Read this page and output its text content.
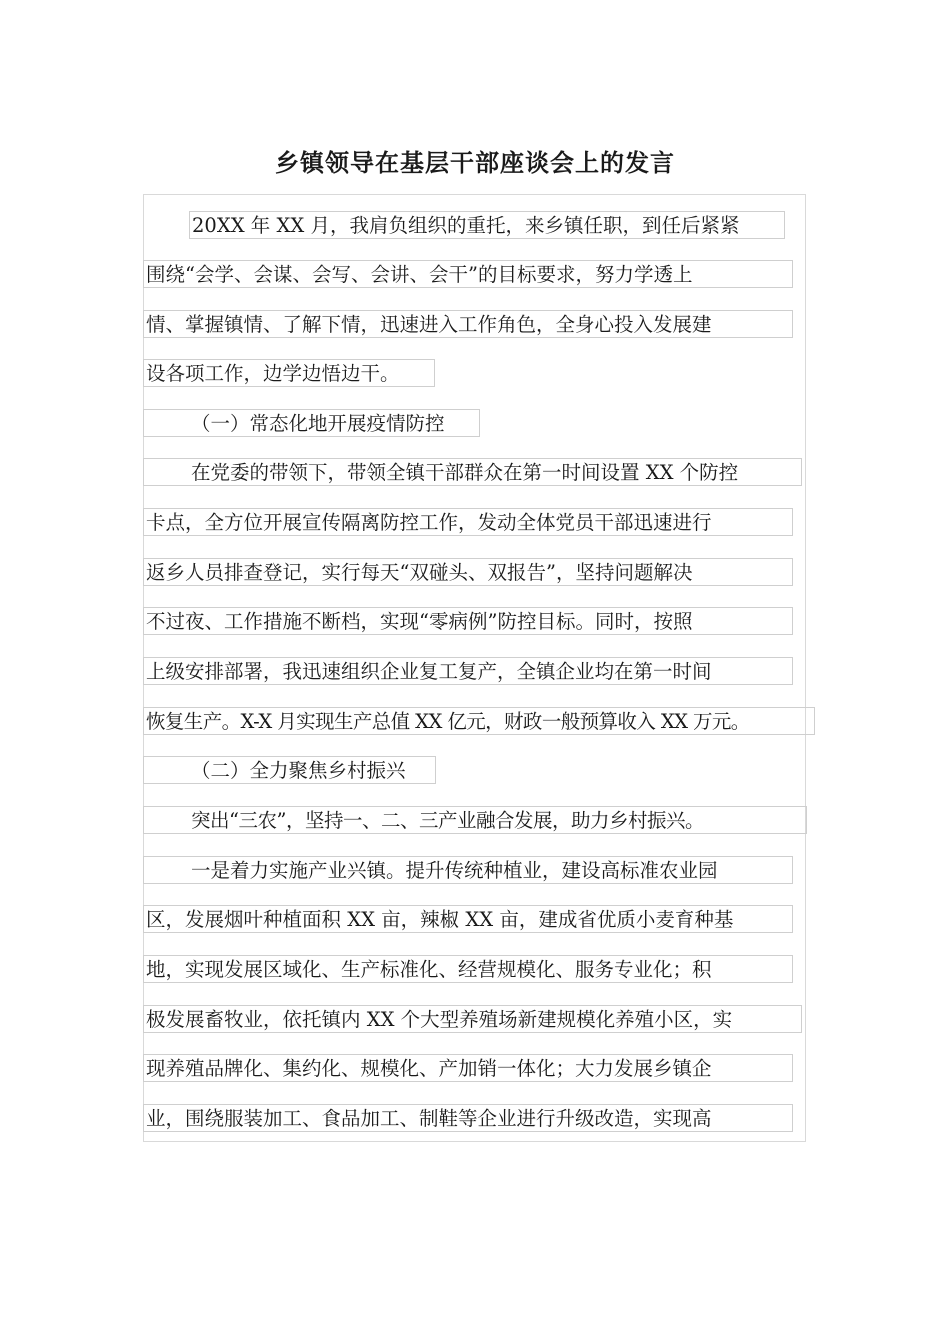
乡镇领导在基层干部座谈会上的发言
20XX 年 XX 月，我肩负组织的重托，来乡镇任职，到任后紧紧
围绕“会学、会谋、会写、会讲、会干”的目标要求，努力学透上
情、掌握镇情、了解下情，迅速进入工作角色，全身心投入发展建
设各项工作，边学边悟边干。
（一）常态化地开展疫情防控
在党委的带领下，带领全镇干部群众在第一时间设置 XX 个防控
卡点，全方位开展宣传隔离防控工作，发动全体党员干部迅速进行
返乡人员排查登记，实行每天“双碰头、双报告”，坚持问题解决
不过夜、工作措施不断档，实现“零病例”防控目标。同时，按照
上级安排部署，我迅速组织企业复工复产，全镇企业均在第一时间
恢复生产。X-X 月实现生产总值 XX 亿元，财政一般预算收入 XX 万元。
（二）全力聚焦乡村振兴
突出“三农”，坚持一、二、三产业融合发展，助力乡村振兴。
一是着力实施产业兴镇。提升传统种植业，建设高标准农业园
区，发展烟叶种植面积 XX 亩，辣椒 XX 亩，建成省优质小麦育种基
地，实现发展区域化、生产标准化、经营规模化、服务专业化；积
极发展畜牧业，依托镇内 XX 个大型养殖场新建规模化养殖小区，实
现养殖品牌化、集约化、规模化、产加销一体化；大力发展乡镇企
业，围绕服装加工、食品加工、制鞋等企业进行升级改造，实现高
